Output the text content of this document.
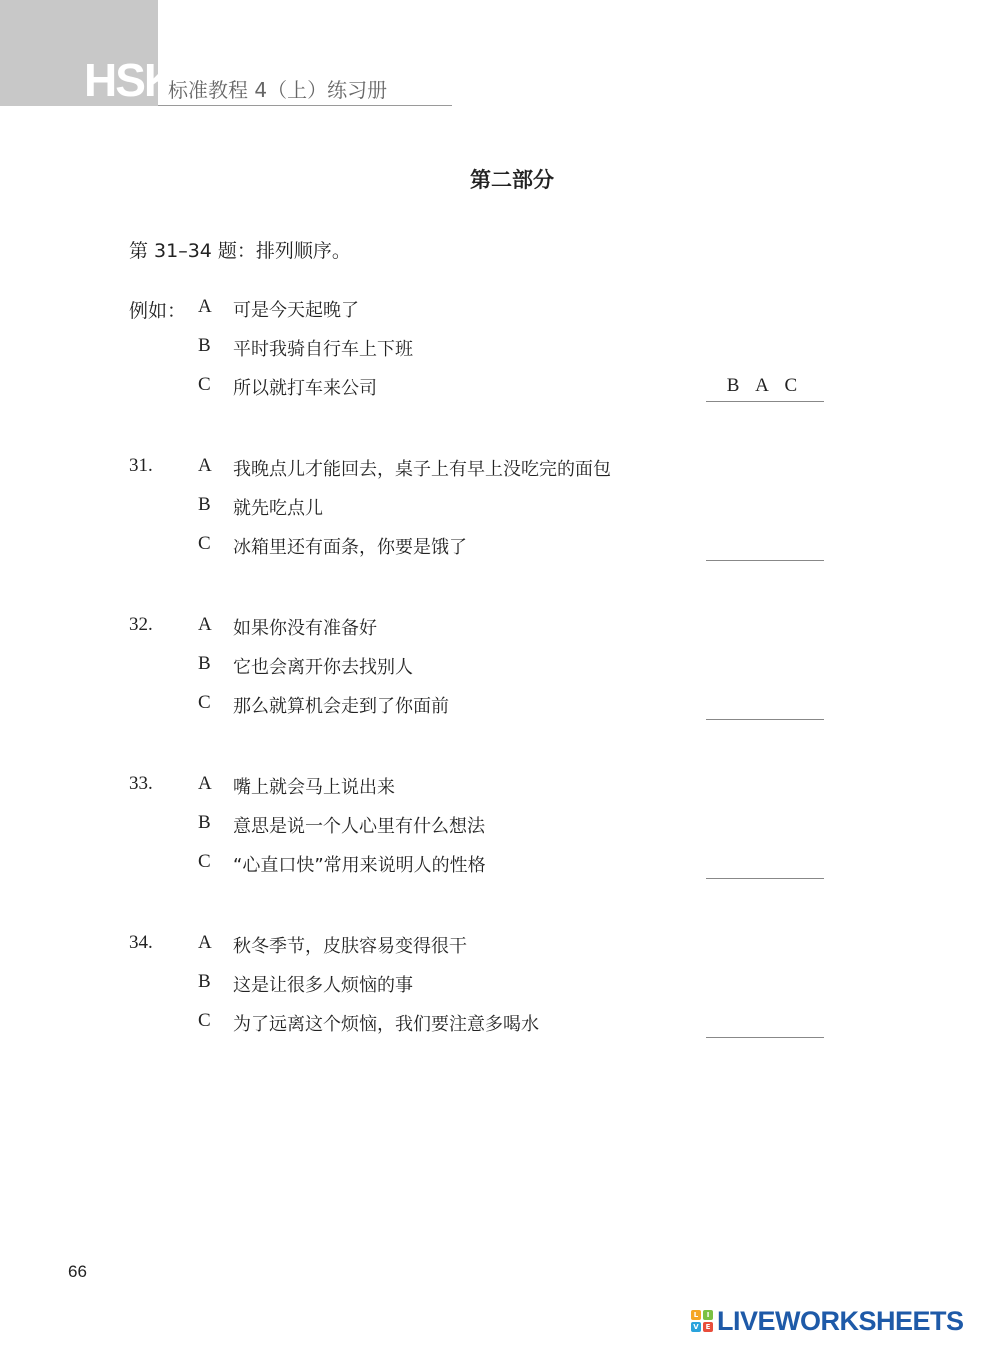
HSK
标准教程 4（上）练习册
第二部分
第 31–34 题：排列顺序。
例如： A 可是今天起晚了
B 平时我骑自行车上下班
C 所以就打车来公司	B A C
31. A 我晚点儿才能回去，桌子上有早上没吃完的面包
B 就先吃点儿
C 冰箱里还有面条，你要是饿了
32. A 如果你没有准备好
B 它也会离开你去找别人
C 那么就算机会走到了你面前
33. A 嘴上就会马上说出来
B 意思是说一个人心里有什么想法
C “心直口快”常用来说明人的性格
34. A 秋冬季节，皮肤容易变得很干
B 这是让很多人烦恼的事
C 为了远离这个烦恼，我们要注意多喝水
66
L	I
V E LIVEWORKSHEETS
